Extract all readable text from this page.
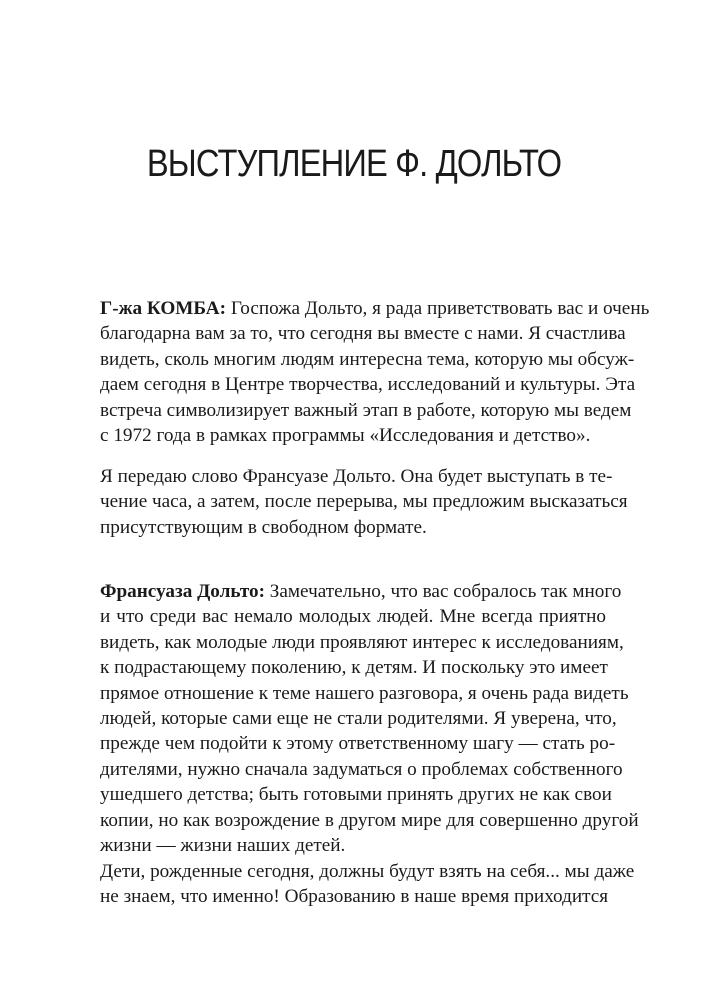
ВЫСТУПЛЕНИЕ Ф. ДОЛЬТО

Г-жа КОМБА: Госпожа Дольто, я рада приветствовать вас и очень
благодарна вам за то, что сегодня вы вместе с нами. Я счастлива
видеть, сколь многим людям интересна тема, которую мы обсуж-
даем сегодня в Центре творчества, исследований и культуры. Эта
встреча символизирует важный этап в работе, которую мы ведем
с 1972 года в рамках программы «Исследования и детство».

Я передаю слово Франсуазе Дольто. Она будет выступать в те-
чение часа, а затем, после перерыва, мы предложим высказаться
присутствующим в свободном формате.

Франсуаза Дольто: Замечательно, что вас собралось так много
и что среди вас немало молодых людей. Мне всегда приятно
видеть, как молодые люди проявляют интерес к исследованиям,
к подрастающему поколению, к детям. И поскольку это имеет
прямое отношение к теме нашего разговора, я очень рада видеть
людей, которые сами еще не стали родителями. Я уверена, что,
прежде чем подойти к этому ответственному шагу — стать ро-
дителями, нужно сначала задуматься о проблемах собственного
ушедшего детства; быть готовыми принять других не как свои
копии, но как возрождение в другом мире для совершенно другой
жизни — жизни наших детей.

Дети, рожденные сегодня, должны будут взять на себя... мы даже
не знаем, что именно! Образованию в наше время приходится
